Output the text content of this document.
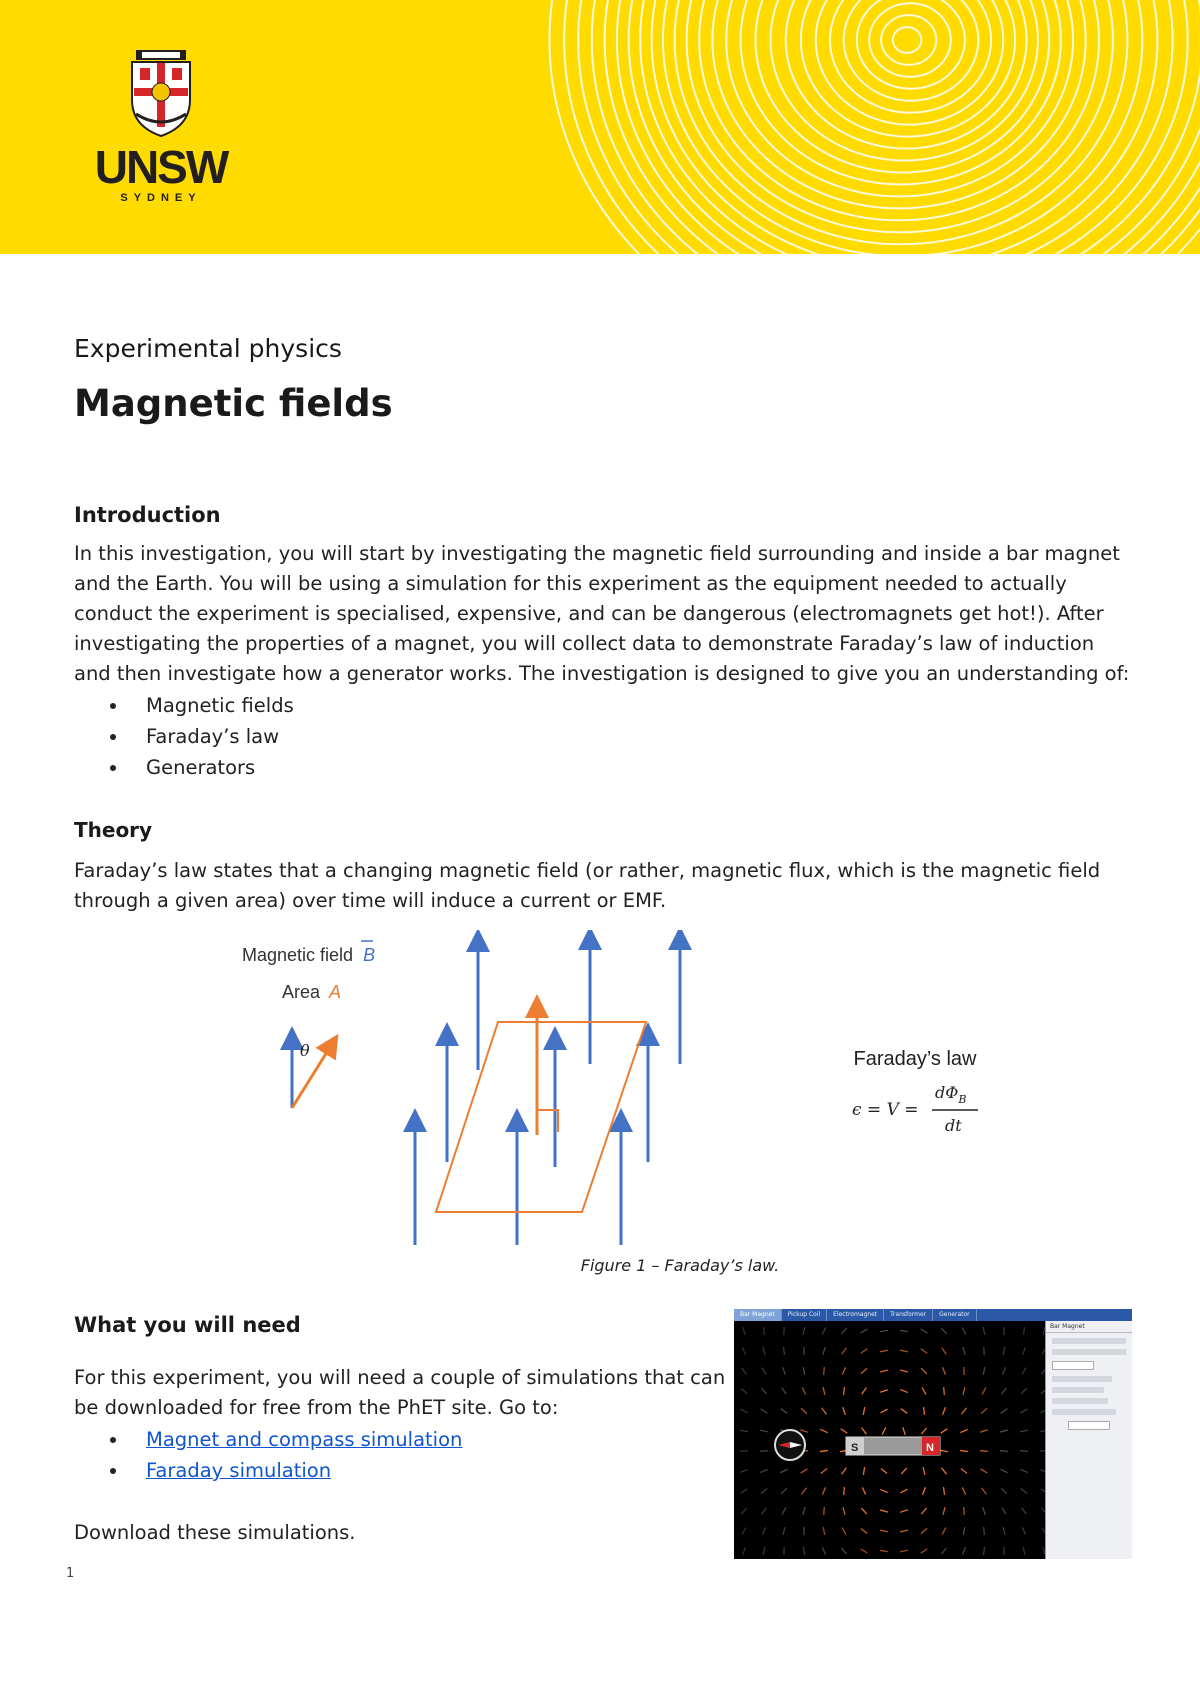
UNSW
SYDNEY
Experimental physics
Magnetic fields
Introduction

In this investigation, you will start by investigating the magnetic field surrounding and inside a bar magnet and the Earth. You will be using a simulation for this experiment as the equipment needed to actually conduct the experiment is specialised, expensive, and can be dangerous (electromagnets get hot!). After investigating the properties of a magnet, you will collect data to demonstrate Faraday’s law of induction and then investigate how a generator works. The investigation is designed to give you an understanding of:

Magnetic fields
Faraday’s law
Generators
Theory

Faraday’s law states that a changing magnetic field (or rather, magnetic flux, which is the magnetic field through a given area) over time will induce a current or EMF.

Magnetic field B
Area A
θ	Faraday’s law
ϵ = V =
$d\Phi_B$
dt
Figure 1 – Faraday’s law.
What you will need

For this experiment, you will need a couple of simulations that can be downloaded for free from the PhET site. Go to:

Magnet and compass simulation
Faraday simulation

Download these simulations.

Bar Magnet	Pickup Coil	Electromagnet	Transformer	Generator
S	N
Bar Magnet
1
